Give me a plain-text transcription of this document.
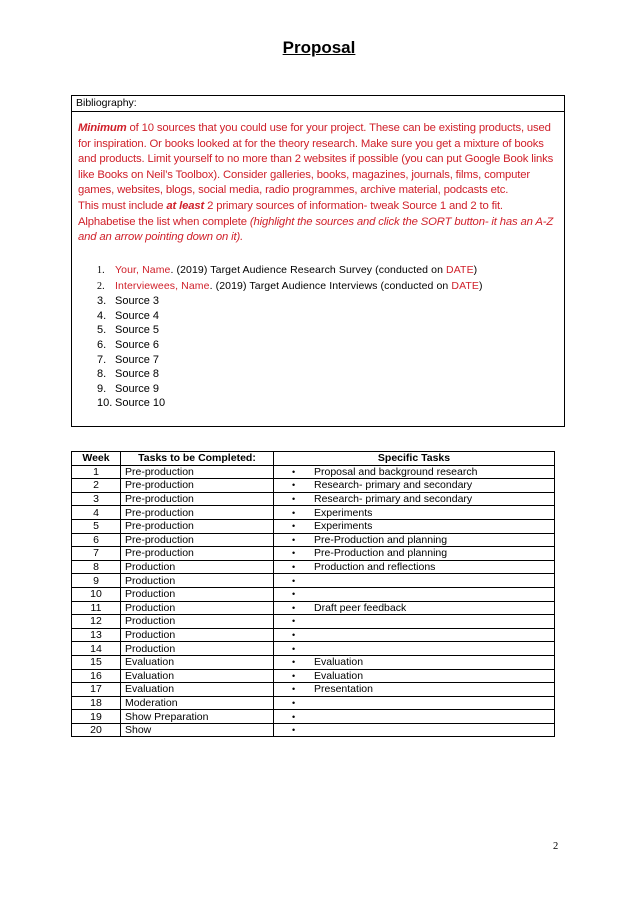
Proposal
Bibliography:

Minimum of 10 sources that you could use for your project. These can be existing products, used for inspiration. Or books looked at for the theory research. Make sure you get a mixture of books and products. Limit yourself to no more than 2 websites if possible (you can put Google Book links like Books on Neil’s Toolbox). Consider galleries, books, magazines, journals, films, computer games, websites, blogs, social media, radio programmes, archive material, podcasts etc.

This must include at least 2 primary sources of information- tweak Source 1 and 2 to fit.

Alphabetise the list when complete (highlight the sources and click the SORT button- it has an A-Z and an arrow pointing down on it).

1. Your, Name. (2019) Target Audience Research Survey (conducted on DATE)
2. Interviewees, Name. (2019) Target Audience Interviews (conducted on DATE)
3. Source 3
4. Source 4
5. Source 5
6. Source 6
7. Source 7
8. Source 8
9. Source 9
10. Source 10
Week	Tasks to be Completed:	Specific Tasks
1	Pre-production	• Proposal and background research
2	Pre-production	• Research- primary and secondary
3	Pre-production	• Research- primary and secondary
4	Pre-production	• Experiments
5	Pre-production	• Experiments
6	Pre-production	• Pre-Production and planning
7	Pre-production	• Pre-Production and planning
8	Production	• Production and reflections
9	Production	•
10	Production	•
11	Production	• Draft peer feedback
12	Production	•
13	Production	•
14	Production	•
15	Evaluation	• Evaluation
16	Evaluation	• Evaluation
17	Evaluation	• Presentation
18	Moderation	•
19	Show Preparation	•
20	Show	•
2
